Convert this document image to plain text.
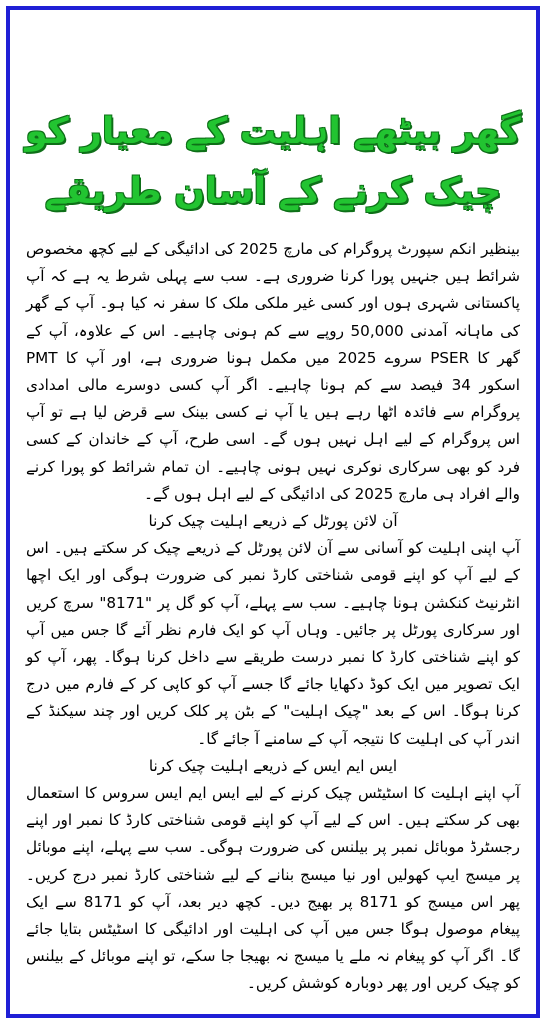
گھر بیٹھے اہلیت کے معیار کو
چیک کرنے کے آسان طریقے

بینظیر انکم سپورٹ پروگرام کی مارچ 2025 کی ادائیگی کے لیے کچھ مخصوص شرائط ہیں جنہیں پورا کرنا ضروری ہے۔ سب سے پہلی شرط یہ ہے کہ آپ پاکستانی شہری ہوں اور کسی غیر ملکی ملک کا سفر نہ کیا ہو۔ آپ کے گھر کی ماہانہ آمدنی 50,000 روپے سے کم ہونی چاہیے۔ اس کے علاوہ، آپ کے گھر کا PSER سروے 2025 میں مکمل ہونا ضروری ہے، اور آپ کا PMT اسکور 34 فیصد سے کم ہونا چاہیے۔ اگر آپ کسی دوسرے مالی امدادی پروگرام سے فائدہ اٹھا رہے ہیں یا آپ نے کسی بینک سے قرض لیا ہے تو آپ اس پروگرام کے لیے اہل نہیں ہوں گے۔ اسی طرح، آپ کے خاندان کے کسی فرد کو بھی سرکاری نوکری نہیں ہونی چاہیے۔ ان تمام شرائط کو پورا کرنے والے افراد ہی مارچ 2025 کی ادائیگی کے لیے اہل ہوں گے۔

آن لائن پورٹل کے ذریعے اہلیت چیک کرنا

آپ اپنی اہلیت کو آسانی سے آن لائن پورٹل کے ذریعے چیک کر سکتے ہیں۔ اس کے لیے آپ کو اپنے قومی شناختی کارڈ نمبر کی ضرورت ہوگی اور ایک اچھا انٹرنیٹ کنکشن ہونا چاہیے۔ سب سے پہلے، آپ کو گل پر "8171" سرچ کریں اور سرکاری پورٹل پر جائیں۔ وہاں آپ کو ایک فارم نظر آئے گا جس میں آپ کو اپنے شناختی کارڈ کا نمبر درست طریقے سے داخل کرنا ہوگا۔ پھر، آپ کو ایک تصویر میں ایک کوڈ دکھایا جائے گا جسے آپ کو کاپی کر کے فارم میں درج کرنا ہوگا۔ اس کے بعد "چیک اہلیت" کے بٹن پر کلک کریں اور چند سیکنڈ کے اندر آپ کی اہلیت کا نتیجہ آپ کے سامنے آ جائے گا۔

ایس ایم ایس کے ذریعے اہلیت چیک کرنا

آپ اپنے اہلیت کا اسٹیٹس چیک کرنے کے لیے ایس ایم ایس سروس کا استعمال بھی کر سکتے ہیں۔ اس کے لیے آپ کو اپنے قومی شناختی کارڈ کا نمبر اور اپنے رجسٹرڈ موبائل نمبر پر بیلنس کی ضرورت ہوگی۔ سب سے پہلے، اپنے موبائل پر میسج ایپ کھولیں اور نیا میسج بنانے کے لیے شناختی کارڈ نمبر درج کریں۔ پھر اس میسج کو 8171 پر بھیج دیں۔ کچھ دیر بعد، آپ کو 8171 سے ایک پیغام موصول ہوگا جس میں آپ کی اہلیت اور ادائیگی کا اسٹیٹس بتایا جائے گا۔ اگر آپ کو پیغام نہ ملے یا میسج نہ بھیجا جا سکے، تو اپنے موبائل کے بیلنس کو چیک کریں اور پھر دوبارہ کوشش کریں۔
